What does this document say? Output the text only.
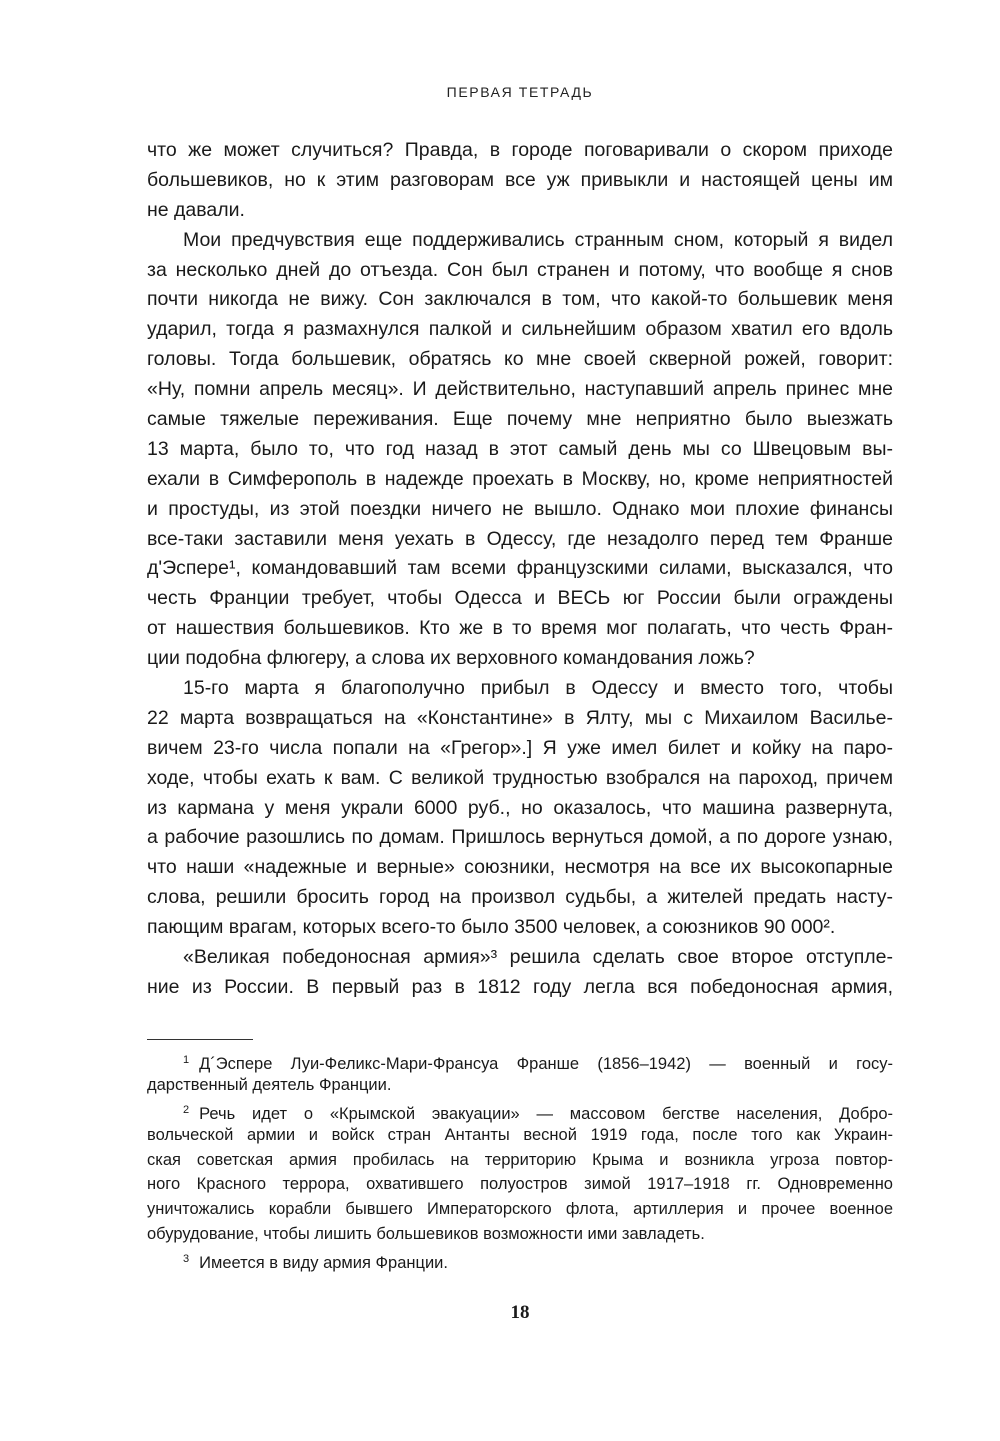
ПЕРВАЯ ТЕТРАДЬ
что же может случиться? Правда, в городе поговаривали о скором приходе
большевиков, но к этим разговорам все уж привыкли и настоящей цены им
не давали.
Мои предчувствия еще поддерживались странным сном, который я видел
за несколько дней до отъезда. Сон был странен и потому, что вообще я снов
почти никогда не вижу. Сон заключался в том, что какой-то большевик меня
ударил, тогда я размахнулся палкой и сильнейшим образом хватил его вдоль
головы. Тогда большевик, обратясь ко мне своей скверной рожей, говорит:
«Ну, помни апрель месяц». И действительно, наступавший апрель принес мне
самые тяжелые переживания. Еще почему мне неприятно было выезжать
13 марта, было то, что год назад в этот самый день мы со Швецовым вы-
ехали в Симферополь в надежде проехать в Москву, но, кроме неприятностей
и простуды, из этой поездки ничего не вышло. Однако мои плохие финансы
все-таки заставили меня уехать в Одессу, где незадолго перед тем Франше
д'Эспере¹, командовавший там всеми французскими силами, высказался, что
честь Франции требует, чтобы Одесса и ВЕСЬ юг России были ограждены
от нашествия большевиков. Кто же в то время мог полагать, что честь Фран-
ции подобна флюгеру, а слова их верховного командования ложь?
15-го марта я благополучно прибыл в Одессу и вместо того, чтобы
22 марта возвращаться на «Константине» в Ялту, мы с Михаилом Василье-
вичем 23-го числа попали на «Грегор».] Я уже имел билет и койку на паро-
ходе, чтобы ехать к вам. С великой трудностью взобрался на пароход, причем
из кармана у меня украли 6000 руб., но оказалось, что машина развернута,
а рабочие разошлись по домам. Пришлось вернуться домой, а по дороге узнаю,
что наши «надежные и верные» союзники, несмотря на все их высокопарные
слова, решили бросить город на произвол судьбы, а жителей предать насту-
пающим врагам, которых всего-то было 3500 человек, а союзников 90 000².
«Великая победоносная армия»³ решила сделать свое второе отступле-
ние из России. В первый раз в 1812 году легла вся победоносная армия,
$^1$ Д´Эспере Луи-Феликс-Мари-Франсуа Франше (1856–1942) — военный и госу-
дарственный деятель Франции.
$^2$ Речь идет о «Крымской эвакуации» — массовом бегстве населения, Добро-
вольческой армии и войск стран Антанты весной 1919 года, после того как Украин-
ская советская армия пробилась на территорию Крыма и возникла угроза повтор-
ного Красного террора, охватившего полуостров зимой 1917–1918 гг. Одновременно
уничтожались корабли бывшего Императорского флота, артиллерия и прочее военное
обурудование, чтобы лишить большевиков возможности ими завладеть.
$^3$ Имеется в виду армия Франции.
18
